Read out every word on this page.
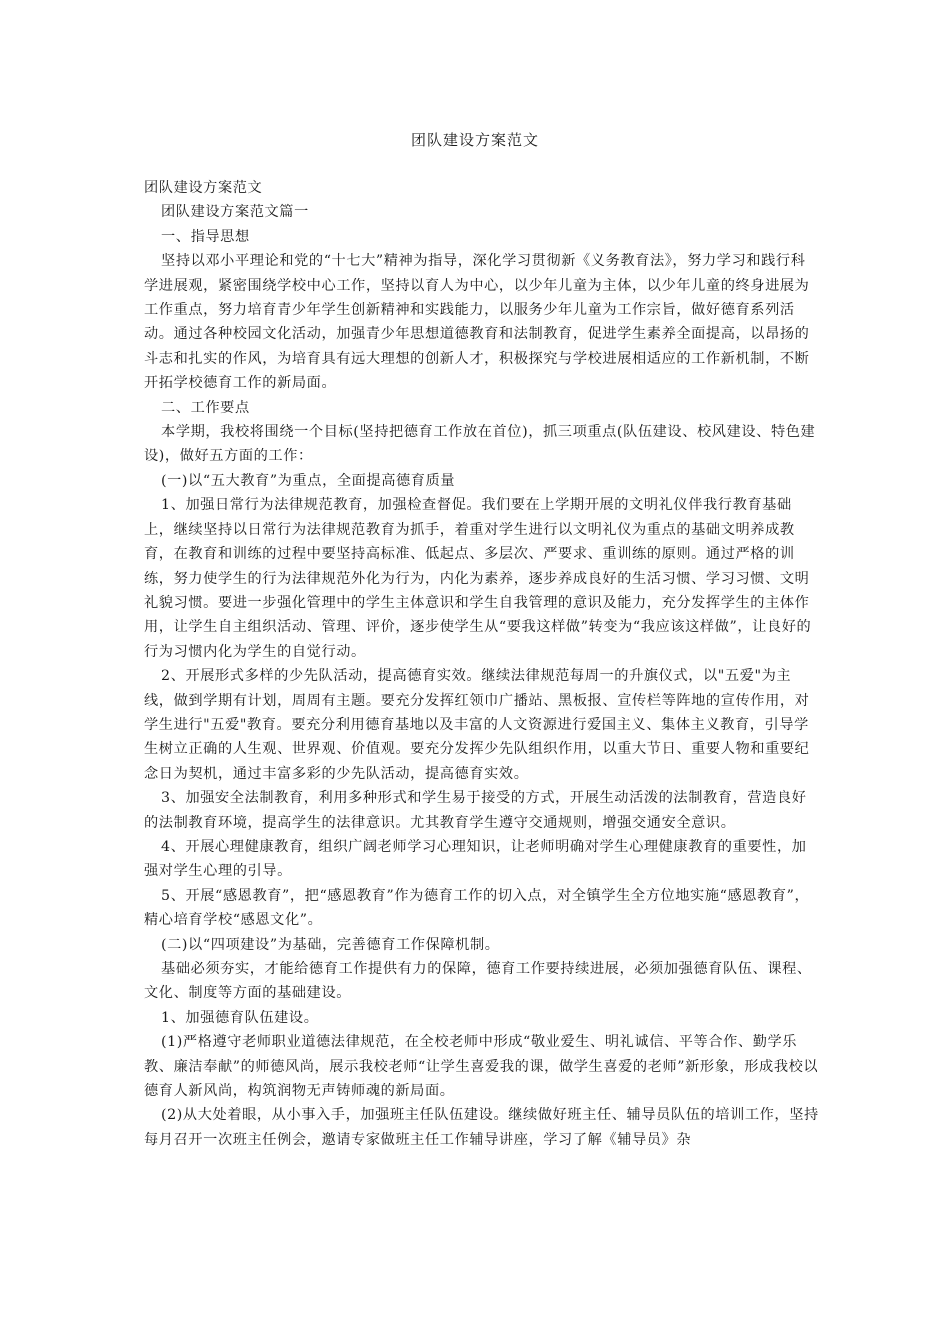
团队建设方案范文

团队建设方案范文

团队建设方案范文篇一

一、指导思想

坚持以邓小平理论和党的“十七大”精神为指导，深化学习贯彻新《义务教育法》，努力学习和践行科学进展观，紧密围绕学校中心工作，坚持以育人为中心，以少年儿童为主体，以少年儿童的终身进展为工作重点，努力培育青少年学生创新精神和实践能力，以服务少年儿童为工作宗旨，做好德育系列活动。通过各种校园文化活动，加强青少年思想道德教育和法制教育，促进学生素养全面提高，以昂扬的斗志和扎实的作风，为培育具有远大理想的创新人才，积极探究与学校进展相适应的工作新机制，不断开拓学校德育工作的新局面。

二、工作要点

本学期，我校将围绕一个目标(坚持把德育工作放在首位)，抓三项重点(队伍建设、校风建设、特色建设)，做好五方面的工作：

(一)以“五大教育”为重点，全面提高德育质量

1、加强日常行为法律规范教育，加强检查督促。我们要在上学期开展的文明礼仪伴我行教育基础上，继续坚持以日常行为法律规范教育为抓手，着重对学生进行以文明礼仪为重点的基础文明养成教育，在教育和训练的过程中要坚持高标准、低起点、多层次、严要求、重训练的原则。通过严格的训练，努力使学生的行为法律规范外化为行为，内化为素养，逐步养成良好的生活习惯、学习习惯、文明礼貌习惯。要进一步强化管理中的学生主体意识和学生自我管理的意识及能力，充分发挥学生的主体作用，让学生自主组织活动、管理、评价，逐步使学生从“要我这样做”转变为“我应该这样做”，让良好的行为习惯内化为学生的自觉行动。

2、开展形式多样的少先队活动，提高德育实效。继续法律规范每周一的升旗仪式，以"五爱"为主线，做到学期有计划，周周有主题。要充分发挥红领巾广播站、黑板报、宣传栏等阵地的宣传作用，对学生进行"五爱"教育。要充分利用德育基地以及丰富的人文资源进行爱国主义、集体主义教育，引导学生树立正确的人生观、世界观、价值观。要充分发挥少先队组织作用，以重大节日、重要人物和重要纪念日为契机，通过丰富多彩的少先队活动，提高德育实效。

3、加强安全法制教育，利用多种形式和学生易于接受的方式，开展生动活泼的法制教育，营造良好的法制教育环境，提高学生的法律意识。尤其教育学生遵守交通规则，增强交通安全意识。

4、开展心理健康教育，组织广阔老师学习心理知识，让老师明确对学生心理健康教育的重要性，加强对学生心理的引导。

5、开展“感恩教育”，把“感恩教育”作为德育工作的切入点，对全镇学生全方位地实施“感恩教育”，精心培育学校“感恩文化”。

(二)以“四项建设”为基础，完善德育工作保障机制。

基础必须夯实，才能给德育工作提供有力的保障，德育工作要持续进展，必须加强德育队伍、课程、文化、制度等方面的基础建设。

1、加强德育队伍建设。

(1)严格遵守老师职业道德法律规范，在全校老师中形成“敬业爱生、明礼诚信、平等合作、勤学乐教、廉洁奉献”的师德风尚，展示我校老师“让学生喜爱我的课，做学生喜爱的老师”新形象，形成我校以德育人新风尚，构筑润物无声铸师魂的新局面。

(2)从大处着眼，从小事入手，加强班主任队伍建设。继续做好班主任、辅导员队伍的培训工作，坚持每月召开一次班主任例会，邀请专家做班主任工作辅导讲座，学习了解《辅导员》杂
